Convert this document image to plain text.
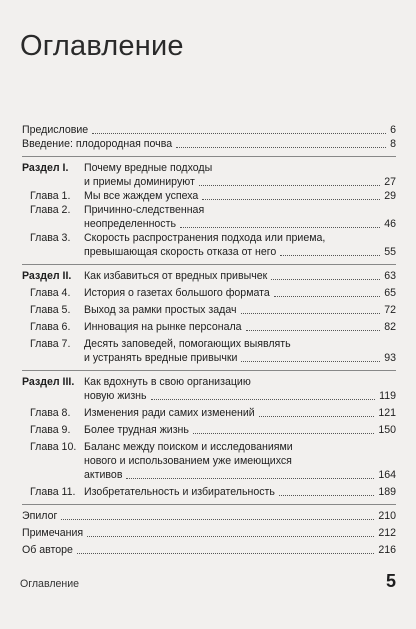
Оглавление
Предисловие	6
Введение: плодородная почва	8
Раздел I.	Почему вредные подходы
и приемы доминируют	27
Глава 1.	Мы все жаждем успеха	29
Глава 2.	Причинно-следственная
неопределенность	46
Глава 3.	Скорость распространения подхода или приема,
превышающая скорость отказа от него	55
Раздел II.	Как избавиться от вредных привычек	63
Глава 4.	История о газетах большого формата	65
Глава 5.	Выход за рамки простых задач	72
Глава 6.	Инновация на рынке персонала	82
Глава 7.	Десять заповедей, помогающих выявлять
и устранять вредные привычки	93
Раздел III. Как вдохнуть в свою организацию
новую жизнь	119
Глава 8.	Изменения ради самих изменений	121
Глава 9.	Более трудная жизнь	150
Глава 10. Баланс между поиском и исследованиями
нового и использованием уже имеющихся
активов	164
Глава 11. Изобретательность и избирательность	189
Эпилог	210
Примечания	212
Об авторе	216
Оглавление	5
